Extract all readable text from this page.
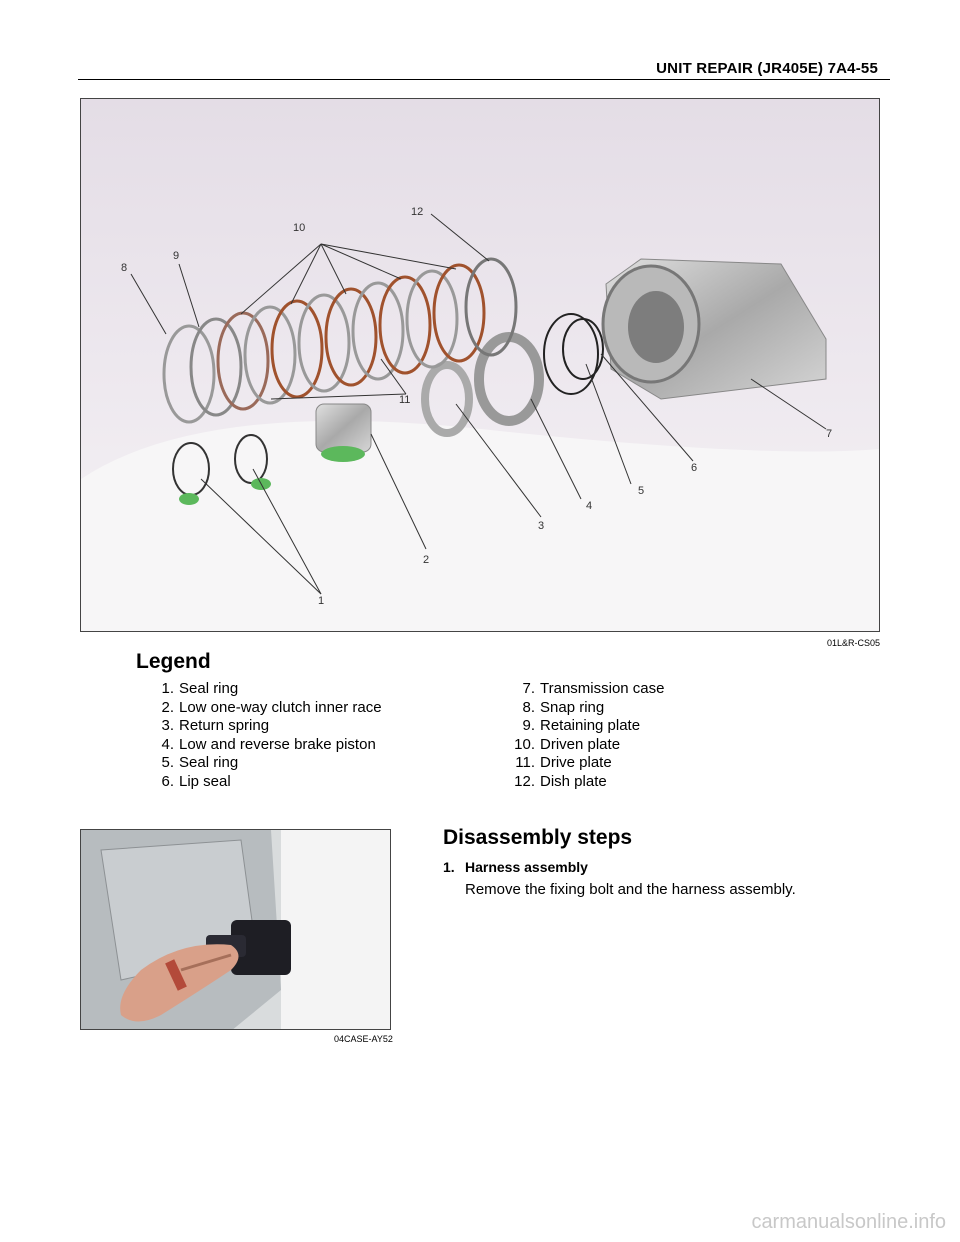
UNIT REPAIR (JR405E) 7A4-55
1
2
3
4
5
6
7
8
9
10
11
12
01L&R-CS05
Legend
1. Seal ring
2. Low one-way clutch inner race
3. Return spring
4. Low and reverse brake piston
5. Seal ring
6. Lip seal
7. Transmission case
8. Snap ring
9. Retaining plate
10. Driven plate
11. Drive plate
12. Dish plate
04CASE-AY52
Disassembly steps
1. Harness assembly
Remove the fixing bolt and the harness assembly.
carmanualsonline.info
